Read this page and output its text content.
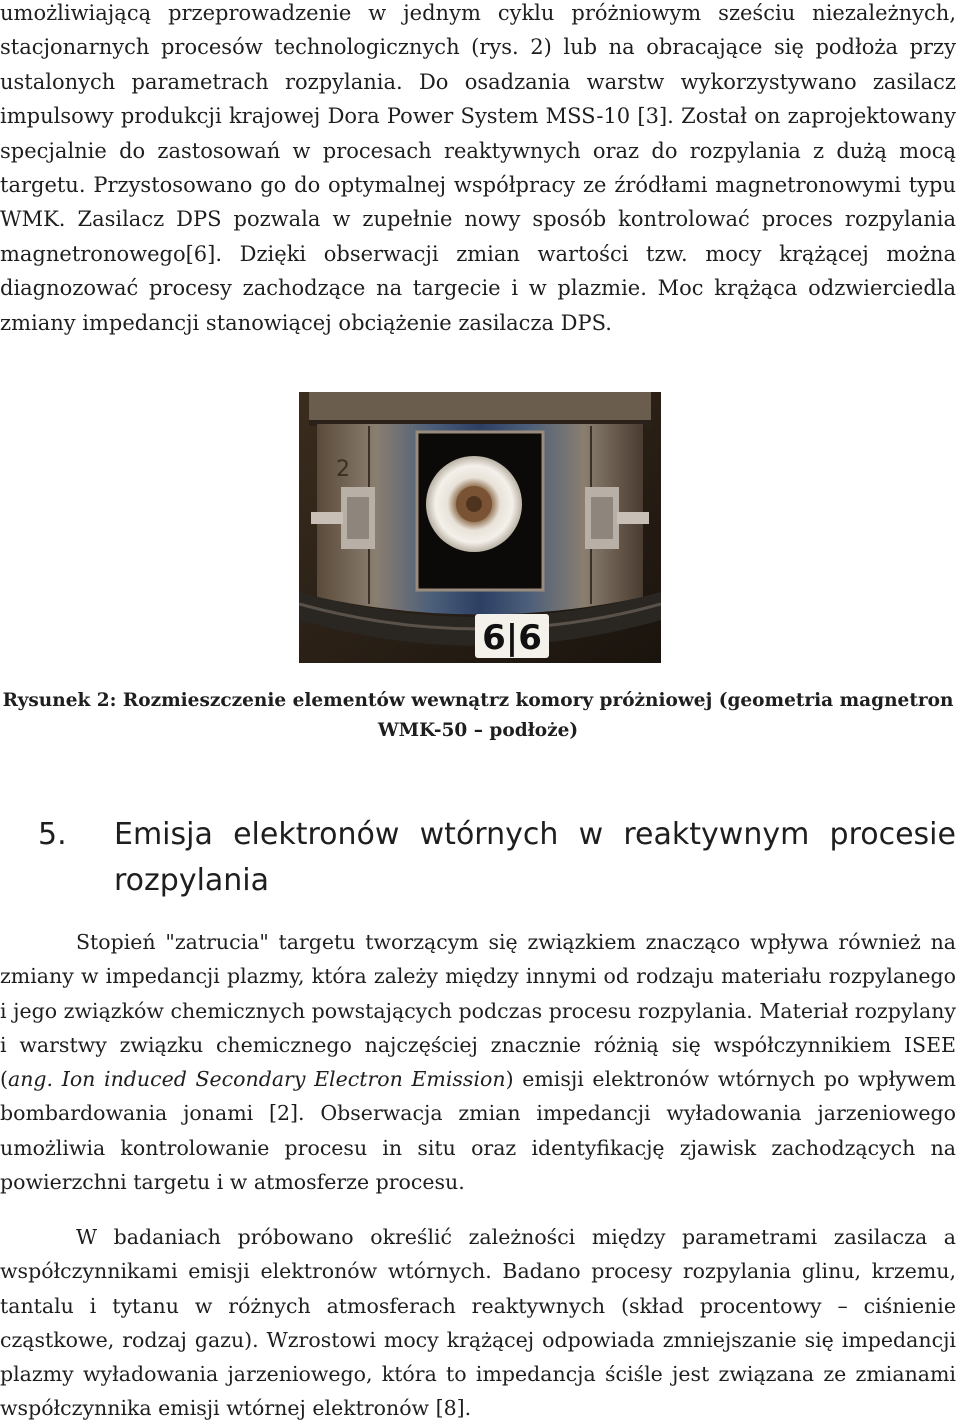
umożliwiającą przeprowadzenie w jednym cyklu próżniowym sześciu niezależnych, stacjonarnych procesów technologicznych (rys. 2) lub na obracające się podłoża przy ustalonych parametrach rozpylania. Do osadzania warstw wykorzystywano zasilacz impulsowy produkcji krajowej Dora Power System MSS-10 [3]. Został on zaprojektowany specjalnie do zastosowań w procesach reaktywnych oraz do rozpylania z dużą mocą targetu. Przystosowano go do optymalnej współpracy ze źródłami magnetronowymi typu WMK. Zasilacz DPS pozwala w zupełnie nowy sposób kontrolować proces rozpylania magnetronowego[6]. Dzięki obserwacji zmian wartości tzw. mocy krążącej można diagnozować procesy zachodzące na targecie i w plazmie. Moc krążąca odzwierciedla zmiany impedancji stanowiącej obciążenie zasilacza DPS.

6|6
2

Rysunek 2: Rozmieszczenie elementów wewnątrz komory próżniowej (geometria magnetron
WMK-50 – podłoże)

5.	Emisja elektronów wtórnych w reaktywnym procesie
rozpylania

Stopień "zatrucia" targetu tworzącym się związkiem znacząco wpływa również na zmiany w impedancji plazmy, która zależy między innymi od rodzaju materiału rozpylanego i jego związków chemicznych powstających podczas procesu rozpylania. Materiał rozpylany i warstwy związku chemicznego najczęściej znacznie różnią się współczynnikiem ISEE (ang. Ion induced Secondary Electron Emission) emisji elektronów wtórnych po wpływem bombardowania jonami [2]. Obserwacja zmian impedancji wyładowania jarzeniowego umożliwia kontrolowanie procesu in situ oraz identyfikację zjawisk zachodzących na powierzchni targetu i w atmosferze procesu.

W badaniach próbowano określić zależności między parametrami zasilacza a współczynnikami emisji elektronów wtórnych. Badano procesy rozpylania glinu, krzemu, tantalu i tytanu w różnych atmosferach reaktywnych (skład procentowy – ciśnienie cząstkowe, rodzaj gazu). Wzrostowi mocy krążącej odpowiada zmniejszanie się impedancji plazmy wyładowania jarzeniowego, która to impedancja ściśle jest związana ze zmianami współczynnika emisji wtórnej elektronów [8].
